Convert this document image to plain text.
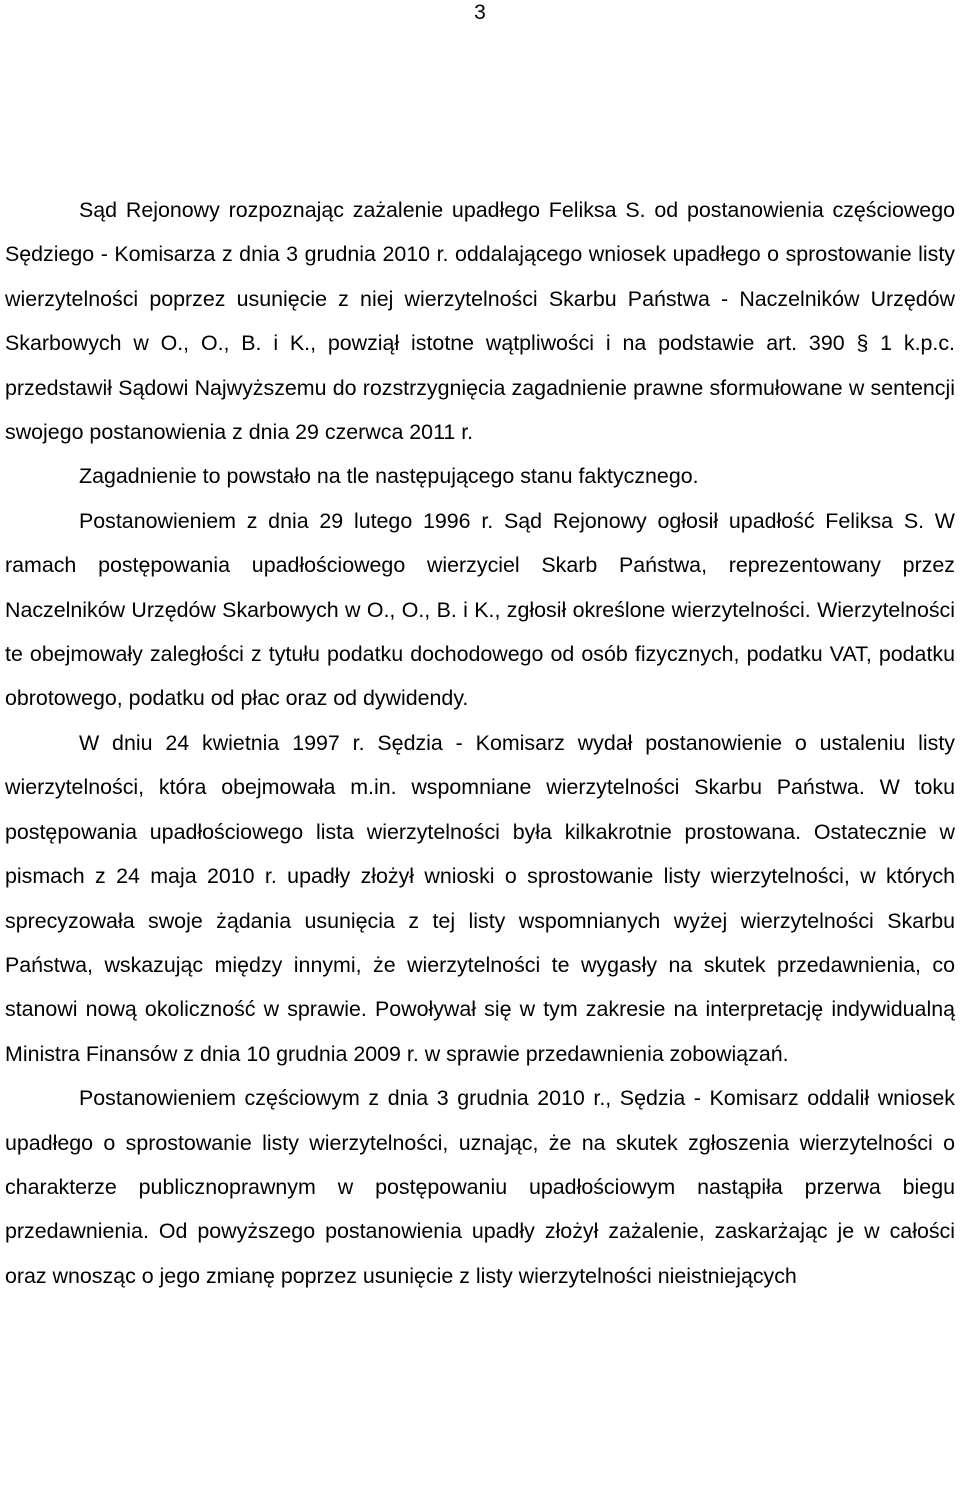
3

Sąd Rejonowy rozpoznając zażalenie upadłego Feliksa S. od postanowienia częściowego Sędziego - Komisarza z dnia 3 grudnia 2010 r. oddalającego wniosek upadłego o sprostowanie listy wierzytelności poprzez usunięcie z niej wierzytelności Skarbu Państwa - Naczelników Urzędów Skarbowych w O., O., B. i K., powziął istotne wątpliwości i na podstawie art. 390 § 1 k.p.c. przedstawił Sądowi Najwyższemu do rozstrzygnięcia zagadnienie prawne sformułowane w sentencji swojego postanowienia z dnia 29 czerwca 2011 r.

Zagadnienie to powstało na tle następującego stanu faktycznego.

Postanowieniem z dnia 29 lutego 1996 r. Sąd Rejonowy ogłosił upadłość Feliksa S. W ramach postępowania upadłościowego wierzyciel Skarb Państwa, reprezentowany przez Naczelników Urzędów Skarbowych w O., O., B. i K., zgłosił określone wierzytelności. Wierzytelności te obejmowały zaległości z tytułu podatku dochodowego od osób fizycznych, podatku VAT, podatku obrotowego, podatku od płac oraz od dywidendy.

W dniu 24 kwietnia 1997 r. Sędzia - Komisarz wydał postanowienie o ustaleniu listy wierzytelności, która obejmowała m.in. wspomniane wierzytelności Skarbu Państwa. W toku postępowania upadłościowego lista wierzytelności była kilkakrotnie prostowana. Ostatecznie w pismach z 24 maja 2010 r. upadły złożył wnioski o sprostowanie listy wierzytelności, w których sprecyzowała swoje żądania usunięcia z tej listy wspomnianych wyżej wierzytelności Skarbu Państwa, wskazując między innymi, że wierzytelności te wygasły na skutek przedawnienia, co stanowi nową okoliczność w sprawie. Powoływał się w tym zakresie na interpretację indywidualną Ministra Finansów z dnia 10 grudnia 2009 r. w sprawie przedawnienia zobowiązań.

Postanowieniem częściowym z dnia 3 grudnia 2010 r., Sędzia - Komisarz oddalił wniosek upadłego o sprostowanie listy wierzytelności, uznając, że na skutek zgłoszenia wierzytelności o charakterze publicznoprawnym w postępowaniu upadłościowym nastąpiła przerwa biegu przedawnienia. Od powyższego postanowienia upadły złożył zażalenie, zaskarżając je w całości oraz wnosząc o jego zmianę poprzez usunięcie z listy wierzytelności nieistniejących
